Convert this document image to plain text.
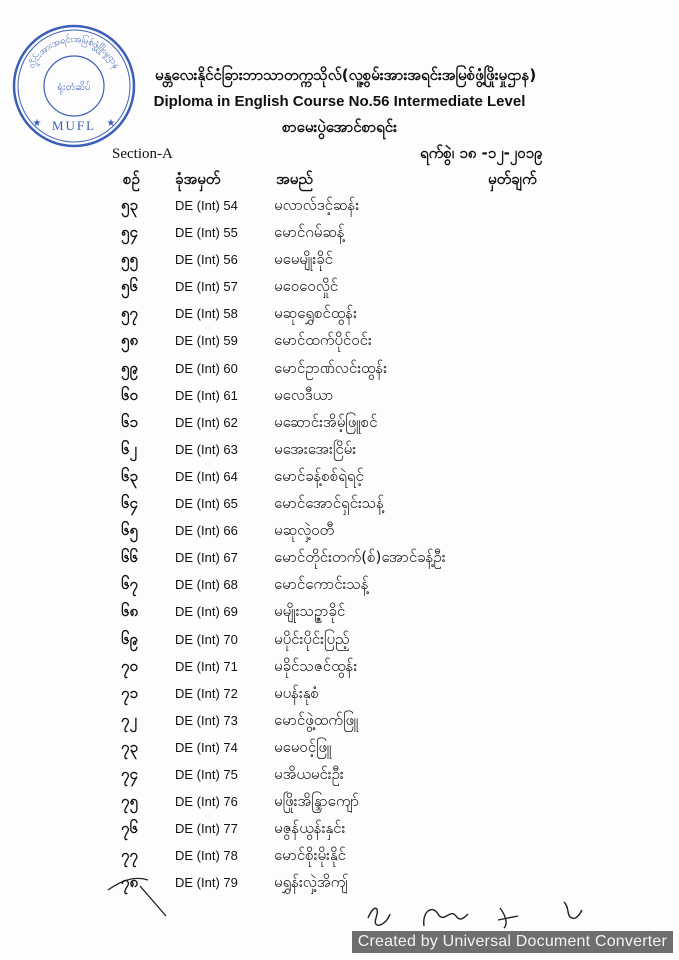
လှိုင်းအားအရင်းအမြစ်ဖွံ့ဖြိုးမှုဌာန
ရုံးတံဆိပ်
MUFL
★	★
မန္တလေးနိုင်ငံခြားဘာသာတက္ကသိုလ်(လူ့စွမ်းအားအရင်းအမြစ်ဖွံ့ဖြိုးမှုဌာန)
Diploma in English Course No.56 Intermediate Level
စာမေးပွဲအောင်စာရင်း
Section-A	ရက်စွဲ၊ ၁၈ -၁၂-၂၀၁၉
စဉ် ခုံအမှတ်	အမည်	မှတ်ချက်
၅၃	DE (Int) 54 မလာလ်ဒင့်ဆန်း
၅၄	DE (Int) 55 မောင်ဂမ်ဆန့်
၅၅	DE (Int) 56 မမေမျိုးခိုင်
၅၆	DE (Int) 57 မဝေဝေလှိုင်
၅၇	DE (Int) 58 မဆုရွှေစင်ထွန်း
၅၈	DE (Int) 59 မောင်ထက်ပိုင်ဝင်း
၅၉	DE (Int) 60 မောင်ဥာဏ်လင်းထွန်း
၆၀	DE (Int) 61 မလေဒီယာ
၆၁	DE (Int) 62 မဆောင်းအိမ့်ဖြူစင်
၆၂	DE (Int) 63 မအေးအေးငြိမ်း
၆၃	DE (Int) 64 မောင်ခန့်စစ်ရဲရင့်
၆၄	DE (Int) 65 မောင်အောင်ရှင်းသန့်
၆၅	DE (Int) 66 မဆုလှဲ့ဝတီ
၆၆	DE (Int) 67 မောင်တိုင်းတက်(စ်)အောင်ခန့်ဦး
၆၇	DE (Int) 68 မောင်ကောင်းသန့်
၆၈	DE (Int) 69 မမျိုးသဥ္ဇာခိုင်
၆၉	DE (Int) 70 မပိုင်းပိုင်းပြည့်
၇၀	DE (Int) 71 မခိုင်သဇင်ထွန်း
၇၁	DE (Int) 72 မပန်းနုစံ
၇၂	DE (Int) 73 မောင်ဖွဲ့ထက်ဖြူ
၇၃	DE (Int) 74 မမေဝင့်ဖြူ
၇၄	DE (Int) 75 မအိယမင်းဦး
၇၅	DE (Int) 76 မဖြိုးအိန္ဒြာကျော်
၇၆	DE (Int) 77 မဇွန်ယွန်းနှင်း
၇၇	DE (Int) 78 မောင်စိုးမိုးနိုင်
၇၈	DE (Int) 79 မရွှန်းလှဲ့အိကျ်
Created by Universal Document Converter
